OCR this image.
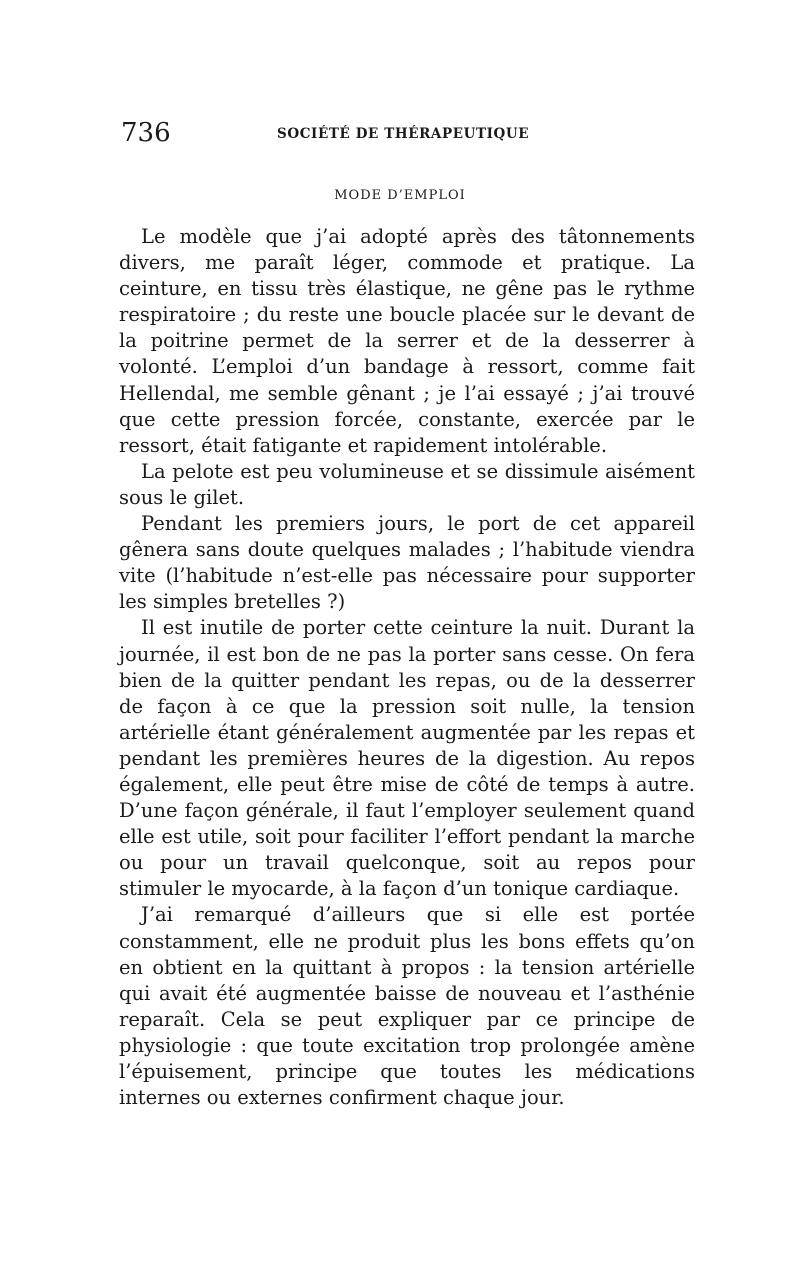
736	SOCIÉTÉ DE THÉRAPEUTIQUE
MODE D’EMPLOI

Le modèle que j’ai adopté après des tâtonnements divers, me paraît léger, commode et pratique. La ceinture, en tissu très élastique, ne gêne pas le rythme respiratoire ; du reste une boucle placée sur le devant de la poitrine permet de la serrer et de la desserrer à volonté. L’emploi d’un bandage à ressort, comme fait Hellendal, me semble gênant ; je l’ai essayé ; j’ai trouvé que cette pression forcée, constante, exercée par le ressort, était fatigante et rapidement intolérable.

La pelote est peu volumineuse et se dissimule aisément sous le gilet.

Pendant les premiers jours, le port de cet appareil gênera sans doute quelques malades ; l’habitude viendra vite (l’habitude n’est-elle pas nécessaire pour supporter les simples bretelles ?)

Il est inutile de porter cette ceinture la nuit. Durant la journée, il est bon de ne pas la porter sans cesse. On fera bien de la quitter pendant les repas, ou de la desserrer de façon à ce que la pression soit nulle, la tension artérielle étant généralement augmentée par les repas et pendant les premières heures de la digestion. Au repos également, elle peut être mise de côté de temps à autre. D’une façon générale, il faut l’employer seulement quand elle est utile, soit pour faciliter l’effort pendant la marche ou pour un travail quelconque, soit au repos pour stimuler le myocarde, à la façon d’un tonique cardiaque.

J’ai remarqué d’ailleurs que si elle est portée constamment, elle ne produit plus les bons effets qu’on en obtient en la quittant à propos : la tension artérielle qui avait été augmentée baisse de nouveau et l’asthénie reparaît. Cela se peut expliquer par ce principe de physiologie : que toute excitation trop prolongée amène l’épuisement, principe que toutes les médications internes ou externes confirment chaque jour.
